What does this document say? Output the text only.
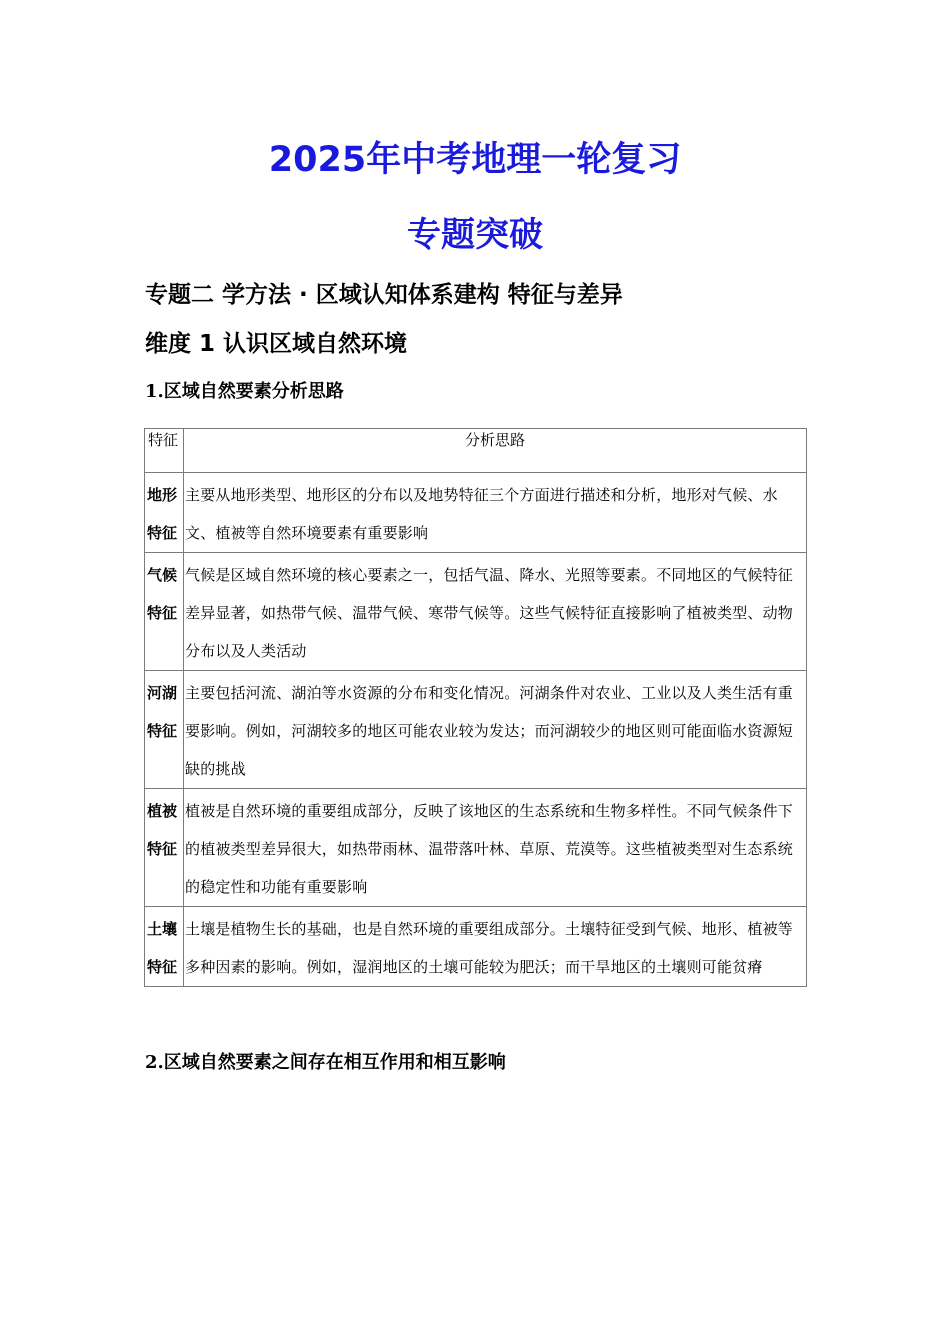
2025年中考地理一轮复习
专题突破
专题二 学方法 · 区域认知体系建构 特征与差异
维度 1 认识区域自然环境
1.区域自然要素分析思路
特征	分析思路
地形特征	主要从地形类型、地形区的分布以及地势特征三个方面进行描述和分析，地形对气候、水文、植被等自然环境要素有重要影响
气候特征	气候是区域自然环境的核心要素之一，包括气温、降水、光照等要素。不同地区的气候特征差异显著，如热带气候、温带气候、寒带气候等。这些气候特征直接影响了植被类型、动物分布以及人类活动
河湖特征	主要包括河流、湖泊等水资源的分布和变化情况。河湖条件对农业、工业以及人类生活有重要影响。例如，河湖较多的地区可能农业较为发达；而河湖较少的地区则可能面临水资源短缺的挑战
植被特征	植被是自然环境的重要组成部分，反映了该地区的生态系统和生物多样性。不同气候条件下的植被类型差异很大，如热带雨林、温带落叶林、草原、荒漠等。这些植被类型对生态系统的稳定性和功能有重要影响
土壤特征	土壤是植物生长的基础，也是自然环境的重要组成部分。土壤特征受到气候、地形、植被等多种因素的影响。例如，湿润地区的土壤可能较为肥沃；而干旱地区的土壤则可能贫瘠
2.区域自然要素之间存在相互作用和相互影响
